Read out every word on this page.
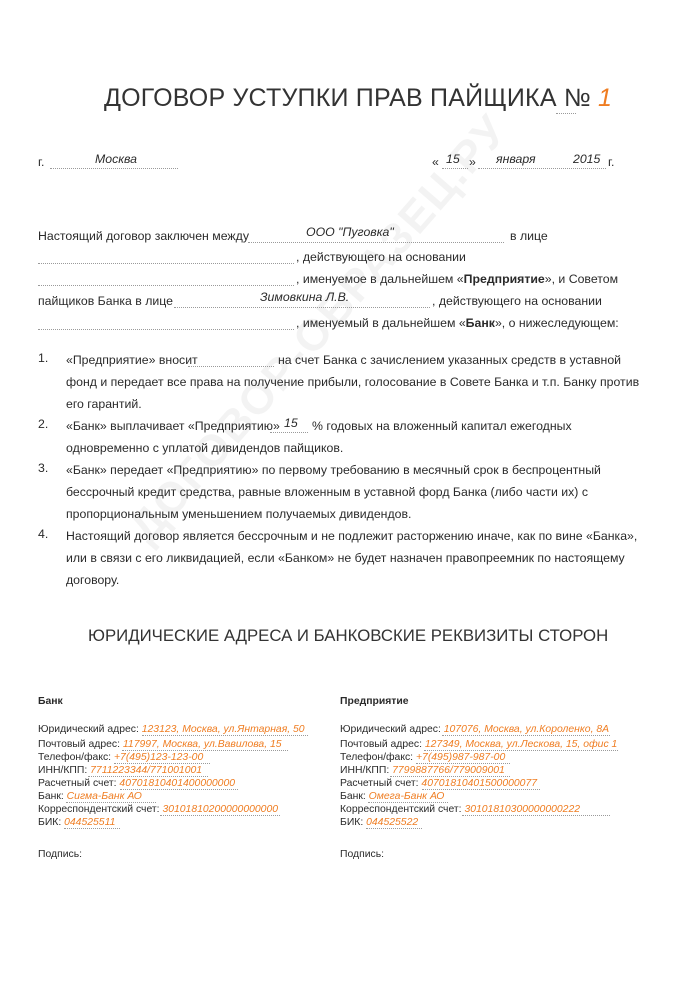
ДОГОВОР УСТУПКИ ПРАВ ПАЙЩИКА № 1
г.	Москва	« 15 » января	2015 г.
Настоящий договор заключен между	ООО "Пуговка"	в лице
, действующего на основании
, именуемое в дальнейшем «Предприятие», и Советом
пайщиков Банка в лице	Зимовкина Л.В.	, действующего на основании
, именуемый в дальнейшем «Банк», о нижеследующем:
1. «Предприятие» вносит	на счет Банка с зачислением указанных средств в уставной
фонд и передает все права на получение прибыли, голосование в Совете Банка и т.п. Банку против
его гарантий.
2. «Банк» выплачивает «Предприятию» 15 % годовых на вложенный капитал ежегодных
одновременно с уплатой дивидендов пайщиков.
3. «Банк» передает «Предприятию» по первому требованию в месячный срок в беспроцентный
бессрочный кредит средства, равные вложенным в уставной форд Банка (либо части их) с
пропорциональным уменьшением получаемых дивидендов.
4. Настоящий договор является бессрочным и не подлежит расторжению иначе, как по вине «Банка»,
или в связи с его ликвидацией, если «Банком» не будет назначен правопреемник по настоящему
договору.
ЮРИДИЧЕСКИЕ АДРЕСА И БАНКОВСКИЕ РЕКВИЗИТЫ СТОРОН
Банк
Юридический адрес: 123123, Москва, ул.Янтарная, 50
Почтовый адрес: 117997, Москва, ул.Вавилова, 15
Телефон/факс: +7(495)123-123-00
ИНН/КПП: 7711223344/771001001
Расчетный счет: 40701810401400000000
Банк: Сигма-Банк АО
Корреспондентский счет: 30101810200000000000
БИК: 044525511
Подпись:
Предприятие
Юридический адрес: 107076, Москва, ул.Короленко, 8А
Почтовый адрес: 127349, Москва, ул.Лескова, 15, офис 1
Телефон/факс: +7(495)987-987-00
ИНН/КПП: 7799887766/779009001
Расчетный счет: 40701810401500000077
Банк: Омега-Банк АО
Корреспондентский счет: 30101810300000000222
БИК: 044525522
Подпись:
